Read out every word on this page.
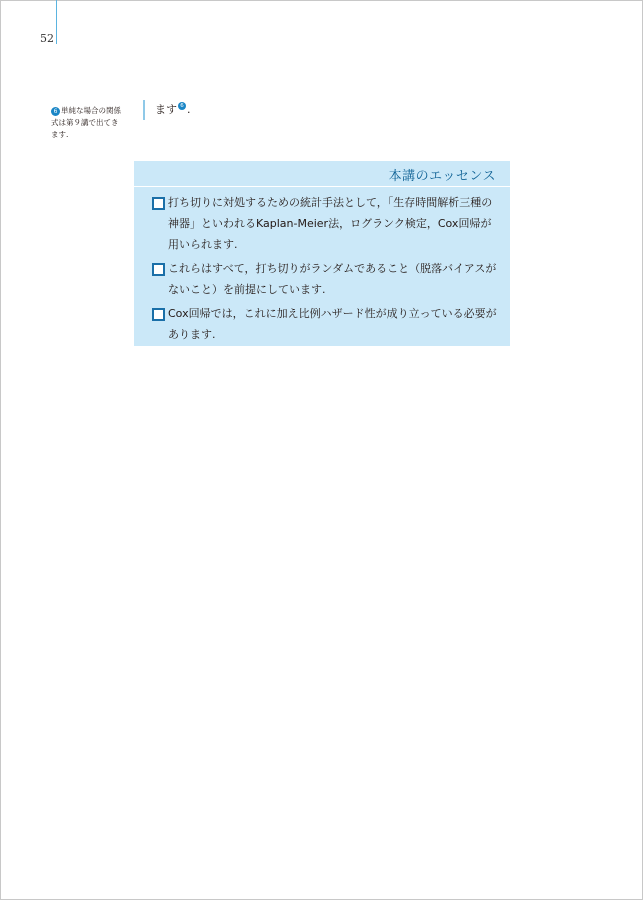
52
6 単純な場合の関係式は第９講で出てきます.
ます $^6$ .
本講のエッセンス
打ち切りに対処するための統計手法として，「生存時間解析三種の神器」といわれるKaplan-Meier法，ログランク検定，Cox回帰が用いられます.
これらはすべて，打ち切りがランダムであること（脱落バイアスがないこと）を前提にしています.
Cox回帰では，これに加え比例ハザード性が成り立っている必要があります.
